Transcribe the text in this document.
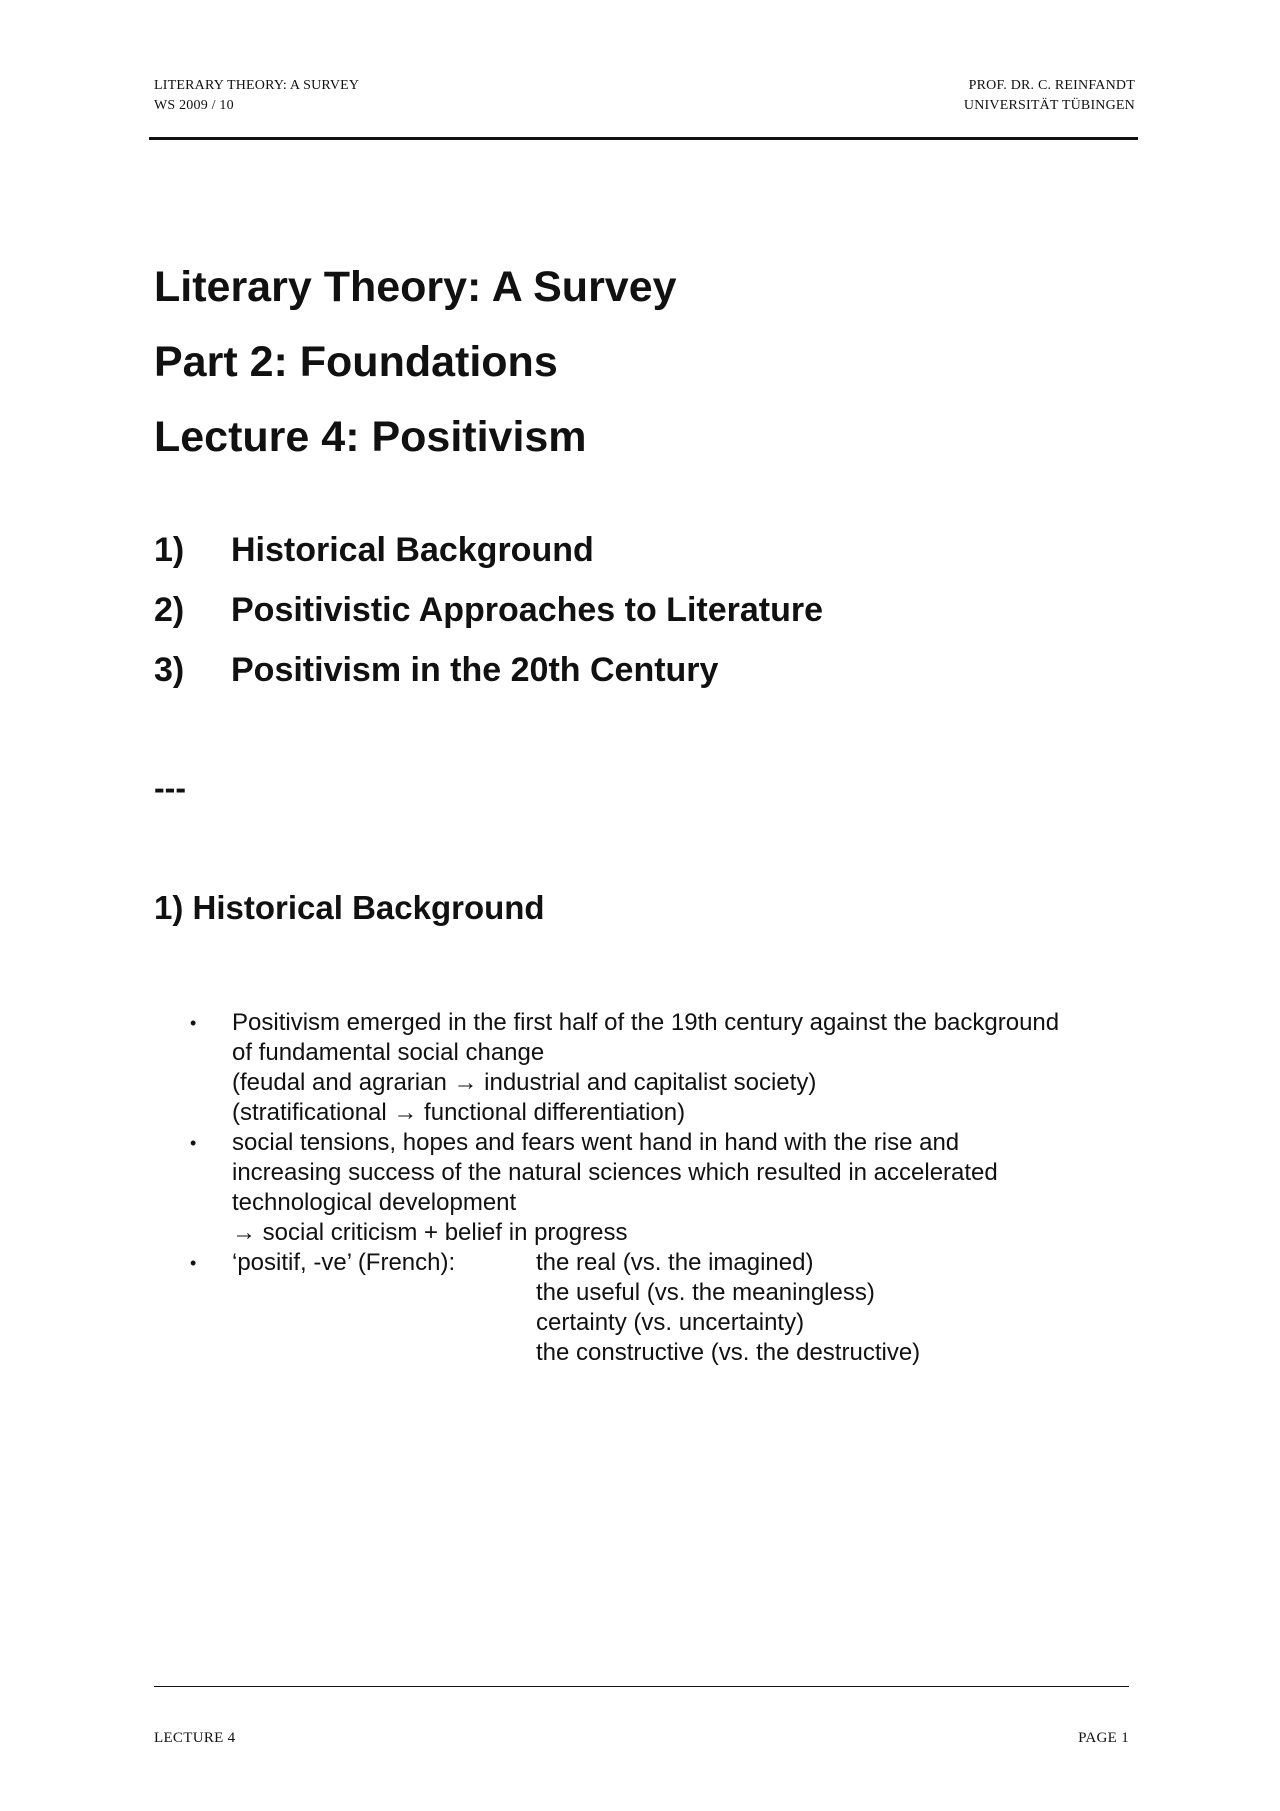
LITERARY THEORY: A SURVEY
WS 2009 / 10
PROF. DR. C. REINFANDT
UNIVERSITÄT TÜBINGEN
Literary Theory: A Survey
Part 2: Foundations
Lecture 4: Positivism
1)	Historical Background
2)	Positivistic Approaches to Literature
3)	Positivism in the 20th Century
---
1) Historical Background
•	Positivism emerged in the first half of the 19th century against the background
of fundamental social change
(feudal and agrarian → industrial and capitalist society)
(stratificational → functional differentiation)
•	social tensions, hopes and fears went hand in hand with the rise and
increasing success of the natural sciences which resulted in accelerated
technological development
→ social criticism + belief in progress
•	‘positif, -ve’ (French):	the real (vs. the imagined)
the useful (vs. the meaningless)
certainty (vs. uncertainty)
the constructive (vs. the destructive)
LECTURE 4	PAGE 1
